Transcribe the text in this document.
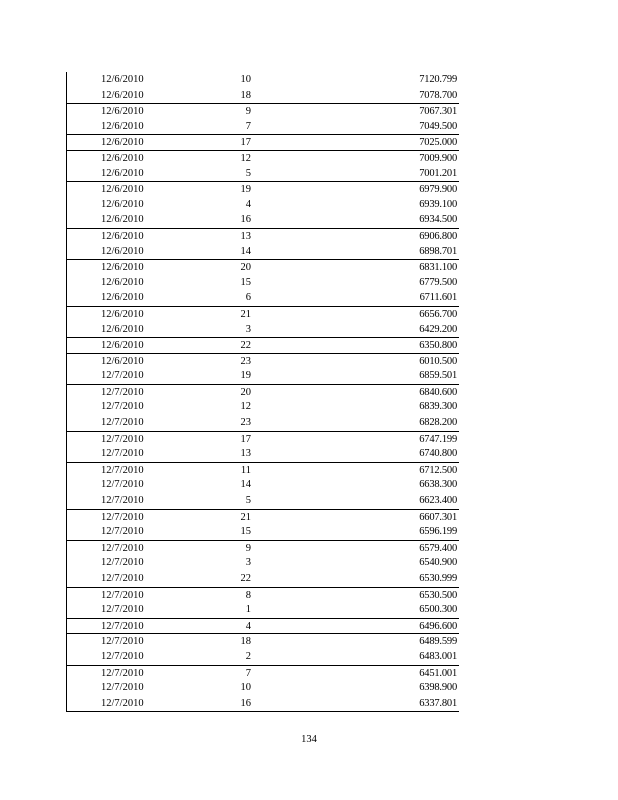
12/6/2010	10	7120.799
12/6/2010	18	7078.700
12/6/2010	9	7067.301
12/6/2010	7	7049.500
12/6/2010	17	7025.000
12/6/2010	12	7009.900
12/6/2010	5	7001.201
12/6/2010	19	6979.900
12/6/2010	4	6939.100
12/6/2010	16	6934.500
12/6/2010	13	6906.800
12/6/2010	14	6898.701
12/6/2010	20	6831.100
12/6/2010	15	6779.500
12/6/2010	6	6711.601
12/6/2010	21	6656.700
12/6/2010	3	6429.200
12/6/2010	22	6350.800
12/6/2010	23	6010.500
12/7/2010	19	6859.501
12/7/2010	20	6840.600
12/7/2010	12	6839.300
12/7/2010	23	6828.200
12/7/2010	17	6747.199
12/7/2010	13	6740.800
12/7/2010	11	6712.500
12/7/2010	14	6638.300
12/7/2010	5	6623.400
12/7/2010	21	6607.301
12/7/2010	15	6596.199
12/7/2010	9	6579.400
12/7/2010	3	6540.900
12/7/2010	22	6530.999
12/7/2010	8	6530.500
12/7/2010	1	6500.300
12/7/2010	4	6496.600
12/7/2010	18	6489.599
12/7/2010	2	6483.001
12/7/2010	7	6451.001
12/7/2010	10	6398.900
12/7/2010	16	6337.801
134
